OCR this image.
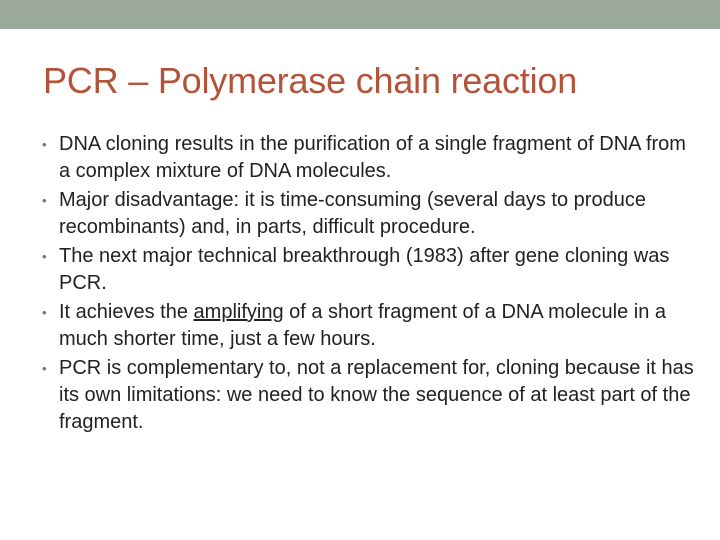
PCR – Polymerase chain reaction
• DNA cloning results in the purification of a single fragment of DNA from a complex mixture of DNA molecules.
• Major disadvantage: it is time-consuming (several days to produce recombinants) and, in parts, difficult procedure.
• The next major technical breakthrough (1983) after gene cloning was PCR.
• It achieves the amplifying of a short fragment of a DNA molecule in a much shorter time, just a few hours.
• PCR is complementary to, not a replacement for, cloning because it has its own limitations: we need to know the sequence of at least part of the fragment.
